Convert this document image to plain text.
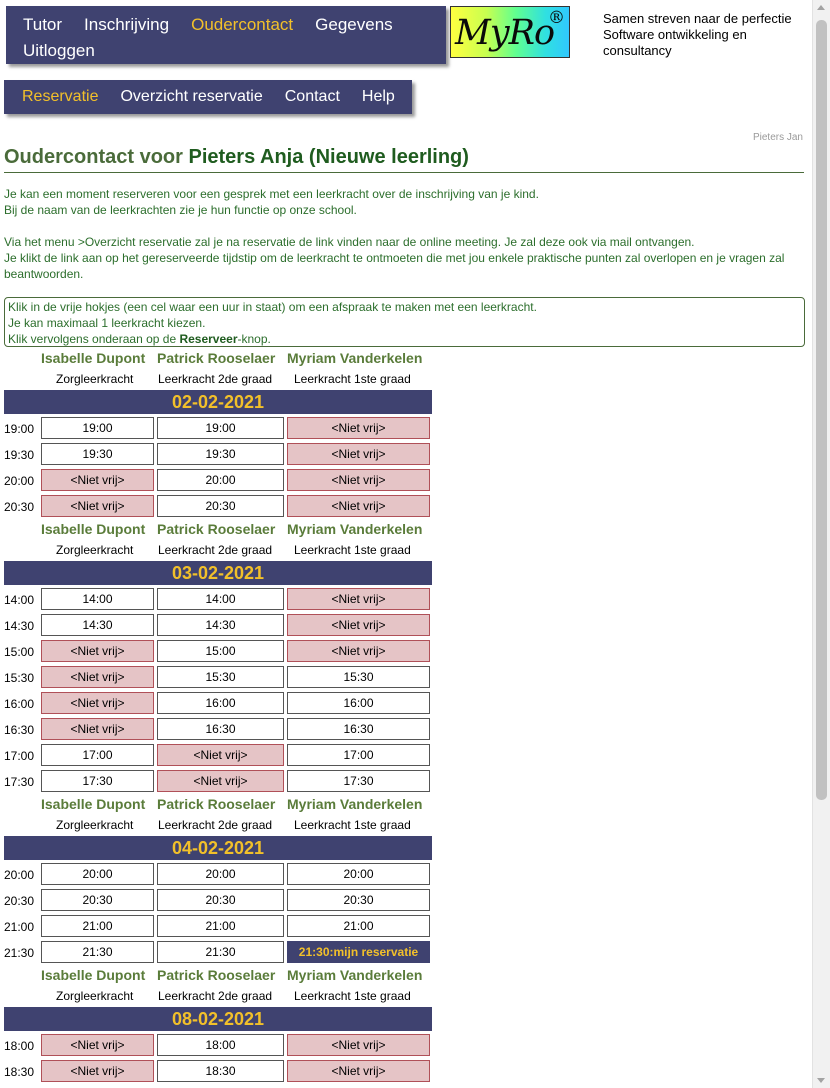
Tutor Inschrijving Oudercontact Gegevens
Uitloggen	MyRo
®	Samen streven naar de perfectie
Software ontwikkeling en consultancy
Reservatie Overzicht reservatie Contact Help
Pieters Jan
Oudercontact voor Pieters Anja (Nieuwe leerling)

Je kan een moment reserveren voor een gesprek met een leerkracht over de inschrijving van je kind.

Bij de naam van de leerkrachten zie je hun functie op onze school.

Via het menu >Overzicht reservatie zal je na reservatie de link vinden naar de online meeting. Je zal deze ook via mail ontvangen.

Je klikt de link aan op het gereserveerde tijdstip om de leerkracht te ontmoeten die met jou enkele praktische punten zal overlopen en je vragen zal beantwoorden.

Klik in de vrije hokjes (een cel waar een uur in staat) om een afspraak te maken met een leerkracht.
Je kan maximaal 1 leerkracht kiezen.
Klik vervolgens onderaan op de Reserveer-knop.
Isabelle Dupont Patrick Rooselaer Myriam Vanderkelen
Zorgleerkracht Leerkracht 2de graad Leerkracht 1ste graad
02-02-2021
19:00	19:00	19:00	<Niet vrij>
19:30	19:30	19:30	<Niet vrij>
20:00	<Niet vrij>	20:00	<Niet vrij>
20:30	<Niet vrij>	20:30	<Niet vrij>
Isabelle Dupont Patrick Rooselaer Myriam Vanderkelen
Zorgleerkracht Leerkracht 2de graad Leerkracht 1ste graad
03-02-2021
14:00	14:00	14:00	<Niet vrij>
14:30	14:30	14:30	<Niet vrij>
15:00	<Niet vrij>	15:00	<Niet vrij>
15:30	<Niet vrij>	15:30	15:30
16:00	<Niet vrij>	16:00	16:00
16:30	<Niet vrij>	16:30	16:30
17:00	17:00	<Niet vrij>	17:00
17:30	17:30	<Niet vrij>	17:30
Isabelle Dupont Patrick Rooselaer Myriam Vanderkelen
Zorgleerkracht Leerkracht 2de graad Leerkracht 1ste graad
04-02-2021
20:00	20:00	20:00	20:00
20:30	20:30	20:30	20:30
21:00	21:00	21:00	21:00
21:30	21:30	21:30	21:30:mijn reservatie
Isabelle Dupont Patrick Rooselaer Myriam Vanderkelen
Zorgleerkracht Leerkracht 2de graad Leerkracht 1ste graad
08-02-2021
18:00	<Niet vrij>	18:00	<Niet vrij>
18:30	<Niet vrij>	18:30	<Niet vrij>
